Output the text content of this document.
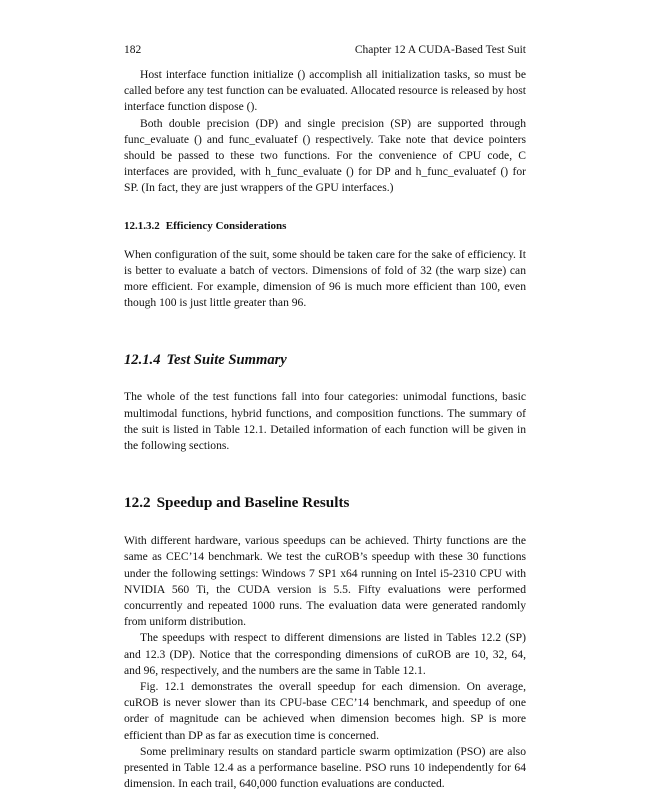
182	Chapter 12 A CUDA-Based Test Suit

Host interface function initialize () accomplish all initialization tasks, so must be called before any test function can be evaluated. Allocated resource is released by host interface function dispose ().

Both double precision (DP) and single precision (SP) are supported through func_evaluate () and func_evaluatef () respectively. Take note that device pointers should be passed to these two functions. For the convenience of CPU code, C interfaces are provided, with h_func_evaluate () for DP and h_func_evaluatef () for SP. (In fact, they are just wrappers of the GPU interfaces.)

12.1.3.2 Efficiency Considerations

When configuration of the suit, some should be taken care for the sake of efficiency. It is better to evaluate a batch of vectors. Dimensions of fold of 32 (the warp size) can more efficient. For example, dimension of 96 is much more efficient than 100, even though 100 is just little greater than 96.

12.1.4 Test Suite Summary

The whole of the test functions fall into four categories: unimodal functions, basic multimodal functions, hybrid functions, and composition functions. The summary of the suit is listed in Table 12.1. Detailed information of each function will be given in the following sections.

12.2 Speedup and Baseline Results

With different hardware, various speedups can be achieved. Thirty functions are the same as CEC’14 benchmark. We test the cuROB’s speedup with these 30 functions under the following settings: Windows 7 SP1 x64 running on Intel i5-2310 CPU with NVIDIA 560 Ti, the CUDA version is 5.5. Fifty evaluations were performed concurrently and repeated 1000 runs. The evaluation data were generated randomly from uniform distribution.

The speedups with respect to different dimensions are listed in Tables 12.2 (SP) and 12.3 (DP). Notice that the corresponding dimensions of cuROB are 10, 32, 64, and 96, respectively, and the numbers are the same in Table 12.1.

Fig. 12.1 demonstrates the overall speedup for each dimension. On average, cuROB is never slower than its CPU-base CEC’14 benchmark, and speedup of one order of magnitude can be achieved when dimension becomes high. SP is more efficient than DP as far as execution time is concerned.

Some preliminary results on standard particle swarm optimization (PSO) are also presented in Table 12.4 as a performance baseline. PSO runs 10 independently for 64 dimension. In each trail, 640,000 function evaluations are conducted.
